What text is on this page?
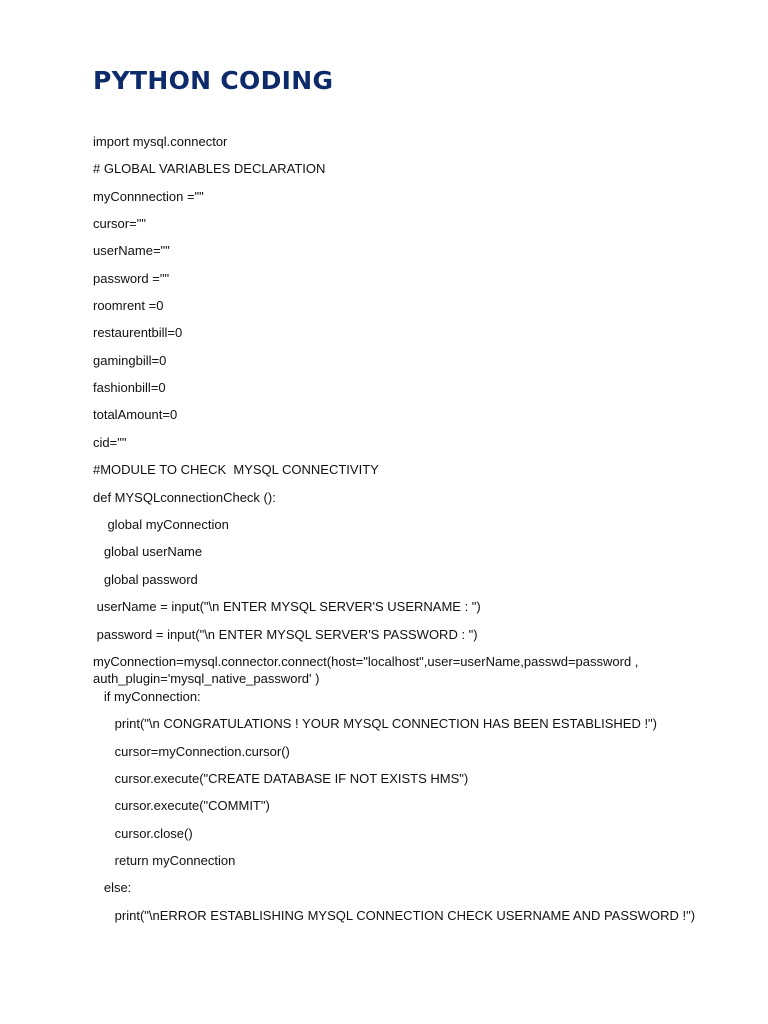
PYTHON CODING

import mysql.connector

# GLOBAL VARIABLES DECLARATION

myConnnection =""

cursor=""

userName=""

password =""

roomrent =0

restaurentbill=0

gamingbill=0

fashionbill=0

totalAmount=0

cid=""

#MODULE TO CHECK  MYSQL CONNECTIVITY

def MYSQLconnectionCheck ():

global myConnection

global userName

global password

userName = input("\n ENTER MYSQL SERVER'S USERNAME : ")

password = input("\n ENTER MYSQL SERVER'S PASSWORD : ")

myConnection=mysql.connector.connect(host="localhost",user=userName,passwd=password , auth_plugin='mysql_native_password' )

if myConnection:

print("\n CONGRATULATIONS ! YOUR MYSQL CONNECTION HAS BEEN ESTABLISHED !")

cursor=myConnection.cursor()

cursor.execute("CREATE DATABASE IF NOT EXISTS HMS")

cursor.execute("COMMIT")

cursor.close()

return myConnection

else:

print("\nERROR ESTABLISHING MYSQL CONNECTION CHECK USERNAME AND PASSWORD !")
